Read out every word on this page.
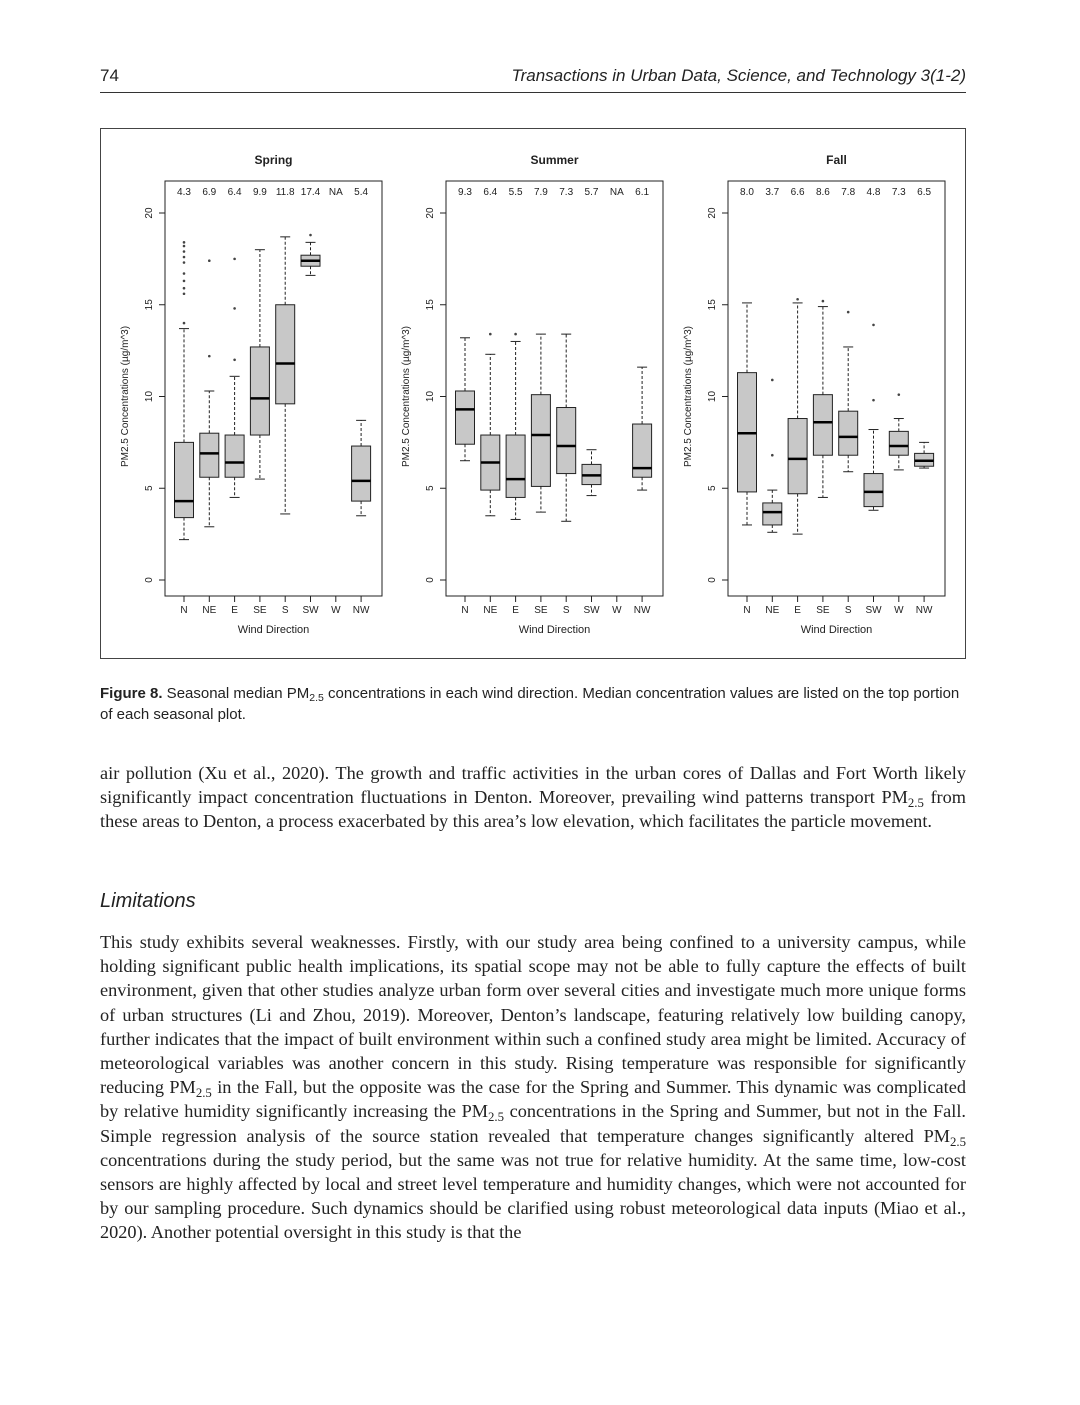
74	Transactions in Urban Data, Science, and Technology 3(1-2)
Spring
0
5
10
15
20
PM2.5 Concentrations (µg/m^3)
N
4.3
NE
6.9
E
6.4
SE
9.9
S
11.8
SW
17.4
W
NA
NW
5.4
Wind Direction
Summer
0
5
10
15
20
PM2.5 Concentrations (µg/m^3)
N
9.3
NE
6.4
E
5.5
SE
7.9
S
7.3
SW
5.7
W
NA
NW
6.1
Wind Direction
Fall
0
5
10
15
20
PM2.5 Concentrations (µg/m^3)
N
8.0
NE
3.7
E
6.6
SE
8.6
S
7.8
SW
4.8
W
7.3
NW
6.5
Wind Direction
Figure 8. Seasonal median $PM_{2.5}$ concentrations in each wind direction. Median concentration values are listed on the top portion of each seasonal plot.
air pollution (Xu et al., 2020). The growth and traffic activities in the urban cores of Dallas and Fort Worth likely significantly impact concentration fluctuations in Denton. Moreover, prevailing wind patterns transport $PM_{2.5}$ from these areas to Denton, a process exacerbated by this area’s low elevation, which facilitates the particle movement.
Limitations
This study exhibits several weaknesses. Firstly, with our study area being confined to a university campus, while holding significant public health implications, its spatial scope may not be able to fully capture the effects of built environment, given that other studies analyze urban form over several cities and investigate much more unique forms of urban structures (Li and Zhou, 2019). Moreover, Denton’s landscape, featuring relatively low building canopy, further indicates that the impact of built environment within such a confined study area might be limited. Accuracy of meteorological variables was another concern in this study. Rising temperature was responsible for significantly reducing $PM_{2.5}$ in the Fall, but the opposite was the case for the Spring and Summer. This dynamic was complicated by relative humidity significantly increasing the $PM_{2.5}$ concentrations in the Spring and Summer, but not in the Fall. Simple regression analysis of the source station revealed that temperature changes significantly altered $PM_{2.5}$ concentrations during the study period, but the same was not true for relative humidity. At the same time, low-cost sensors are highly affected by local and street level temperature and humidity changes, which were not accounted for by our sampling procedure. Such dynamics should be clarified using robust meteorological data inputs (Miao et al., 2020). Another potential oversight in this study is that the
